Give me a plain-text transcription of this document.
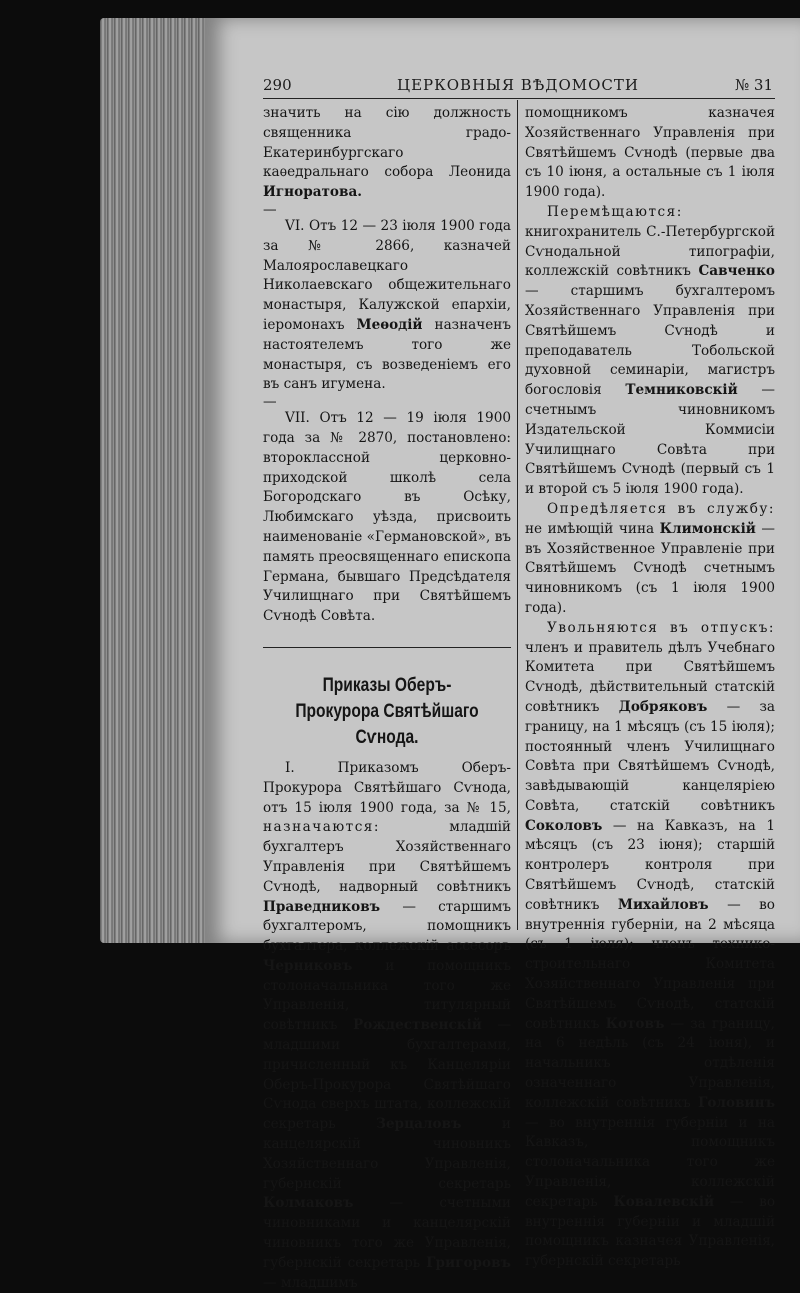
290	ЦЕРКОВНЫЯ ВѢДОМОСТИ	№ 31

значить на сію должность священника градо-Екатеринбургскаго каѳедральнаго собора Леонида Игноратова.

—

VI. Отъ 12 — 23 іюля 1900 года за № 2866, казначей Малоярославецкаго Николаевскаго общежительнаго монастыря, Калужской епархіи, іеромонахъ Меѳодій назначенъ настоятелемъ того же монастыря, съ возведеніемъ его въ санъ игумена.

—

VII. Отъ 12 — 19 іюля 1900 года за № 2870, постановлено: второклассной церковно-приходской школѣ села Богородскаго въ Осѣку, Любимскаго уѣзда, присвоить наименованіе «Германовской», въ память преосвященнаго епископа Германа, бывшаго Предсѣдателя Училищнаго при Святѣйшемъ Сѵнодѣ Совѣта.

Приказы Оберъ-Прокурора Святѣйшаго Сѵнода.

I. Приказомъ Оберъ-Прокурора Святѣйшаго Сѵнода, отъ 15 іюля 1900 года, за № 15, назначаются: младшій бухгалтеръ Хозяйственнаго Управленія при Святѣйшемъ Сѵнодѣ, надворный совѣтникъ Праведниковъ — старшимъ бухгалтеромъ, помощникъ бухгалтера, коллежскій ассесоръ Черниковъ и помощникъ столоначальника того же Управленія, титулярный совѣтникъ Рождественскій — младшими бухгалтерами, причисленный къ Канцеляріи Оберъ-Прокурора Святѣйшаго Сѵнода сверхъ штата, коллежскій секретарь Зерцаловъ и канцелярскій чиновникъ Хозяйственнаго Управленія, губернскій секретарь Колмаковъ — счетными чиновниками и канцелярскій чиновникъ того же Управленія, губернскій секретарь Григоровъ — младшимъ

помощникомъ казначея Хозяйственнаго Управленія при Святѣйшемъ Сѵнодѣ (первые два съ 10 іюня, а остальные съ 1 іюля 1900 года).

Перемѣщаются: книгохранитель С.-Петербургской Сѵнодальной типографіи, коллежскій совѣтникъ Савченко — старшимъ бухгалтеромъ Хозяйственнаго Управленія при Святѣйшемъ Сѵнодѣ и преподаватель Тобольской духовной семинаріи, магистръ богословія Темниковскій — счетнымъ чиновникомъ Издательской Коммисіи Училищнаго Совѣта при Святѣйшемъ Сѵнодѣ (первый съ 1 и второй съ 5 іюля 1900 года).

Опредѣляется въ службу: не имѣющій чина Климонскій — въ Хозяйственное Управленіе при Святѣйшемъ Сѵнодѣ счетнымъ чиновникомъ (съ 1 іюля 1900 года).

Увольняются въ отпускъ: членъ и правитель дѣлъ Учебнаго Комитета при Святѣйшемъ Сѵнодѣ, дѣйствительный статскій совѣтникъ Добряковъ — за границу, на 1 мѣсяцъ (съ 15 іюля); постоянный членъ Училищнаго Совѣта при Святѣйшемъ Сѵнодѣ, завѣдывающій канцеляріею Совѣта, статскій совѣтникъ Соколовъ — на Кавказъ, на 1 мѣсяцъ (съ 23 іюня); старшій контролеръ контроля при Святѣйшемъ Сѵнодѣ, статскій совѣтникъ Михайловъ — во внутреннія губерніи, на 2 мѣсяца (съ 1 іюля); членъ технико-строительнаго Комитета Хозяйственнаго Управленія при Святѣйшемъ Сѵнодѣ, статскій совѣтникъ Котовъ — за границу, на 6 недѣль (съ 24 іюня), и начальникъ отдѣленія означеннаго Управленія, коллежскій совѣтникъ Головинъ — во внутреннія губерніи и на Кавказъ, помощникъ столоначальника того же Управленія, коллежскій секретарь Ковалевскій — во внутреннія губерніи и младшій помощникъ казначея Управленія, губернскій секретарь
